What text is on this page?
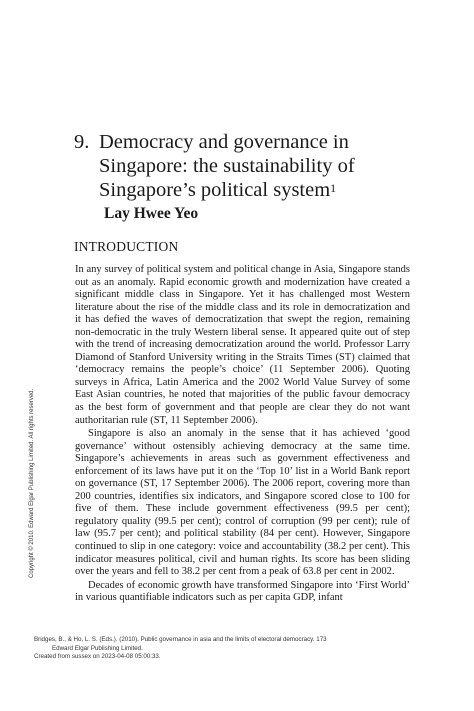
9. Democracy and governance in
Singapore: the sustainability of
Singapore’s political system$^1$
Lay Hwee Yeo
INTRODUCTION

In any survey of political system and political change in Asia, Singapore stands out as an anomaly. Rapid economic growth and modernization have created a significant middle class in Singapore. Yet it has challenged most Western literature about the rise of the middle class and its role in democratization and it has defied the waves of democratization that swept the region, remaining non-democratic in the truly Western liberal sense. It appeared quite out of step with the trend of increasing democratization around the world. Professor Larry Diamond of Stanford University writing in the Straits Times (ST) claimed that ‘democracy remains the people’s choice’ (11 September 2006). Quoting surveys in Africa, Latin America and the 2002 World Value Survey of some East Asian countries, he noted that majorities of the public favour democracy as the best form of government and that people are clear they do not want authoritarian rule (ST, 11 September 2006).

Singapore is also an anomaly in the sense that it has achieved ‘good governance’ without ostensibly achieving democracy at the same time. Singapore’s achievements in areas such as government effectiveness and enforcement of its laws have put it on the ‘Top 10’ list in a World Bank report on governance (ST, 17 September 2006). The 2006 report, covering more than 200 countries, identifies six indicators, and Singapore scored close to 100 for five of them. These include government effectiveness (99.5 per cent); regulatory quality (99.5 per cent); control of corruption (99 per cent); rule of law (95.7 per cent); and political stability (84 per cent). However, Singapore continued to slip in one category: voice and accountability (38.2 per cent). This indicator measures political, civil and human rights. Its score has been sliding over the years and fell to 38.2 per cent from a peak of 63.8 per cent in 2002.

Decades of economic growth have transformed Singapore into ‘First World’ in various quantifiable indicators such as per capita GDP, infant

Copyright © 2010. Edward Elgar Publishing Limited. All rights reserved.
Bridges, B., & Ho, L. S. (Eds.). (2010). Public governance in asia and the limits of electoral democracy. 173
Edward Elgar Publishing Limited.
Created from sussex on 2023-04-08 05:00:33.
